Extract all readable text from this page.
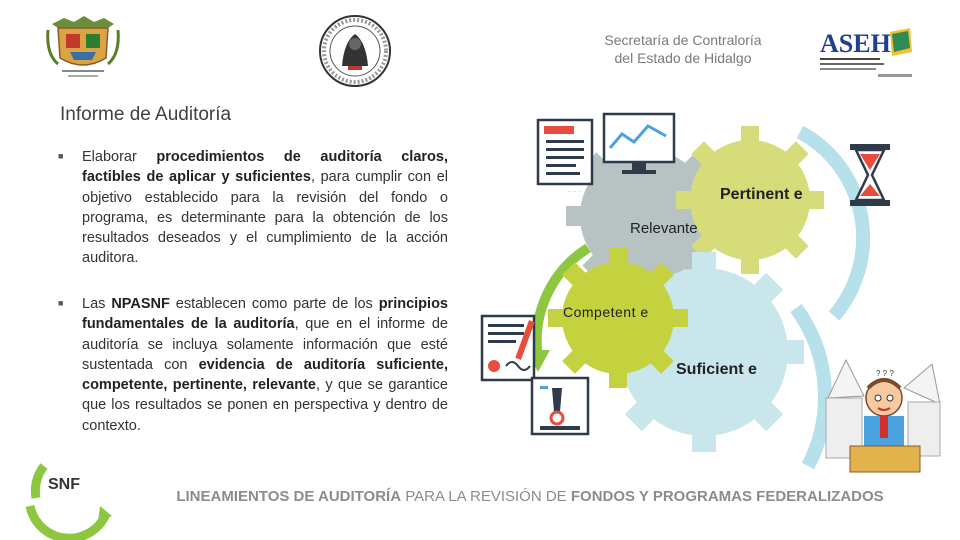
ASEH
Secretaría de Contraloría
del Estado de Hidalgo
Informe de Auditoría
■ Elaborar procedimientos de auditoría claros, factibles de aplicar y suficientes, para cumplir con el objetivo establecido para la revisión del fondo o programa, es determinante para la obtención de los resultados deseados y el cumplimiento de la acción auditora.
■ Las NPASNF establecen como parte de los principios fundamentales de la auditoría, que en el informe de auditoría se incluya solamente información que esté sustentada con evidencia de auditoría suficiente, competente, pertinente, relevante, y que se garantice que los resultados se ponen en perspectiva y dentro de contexto.
SNF
? ? ?
- - -
- - -
Relevante
Pertinent e
Competent e
Suficient e
LINEAMIENTOS DE AUDITORÍA PARA LA REVISIÓN DE FONDOS Y PROGRAMAS FEDERALIZADOS
